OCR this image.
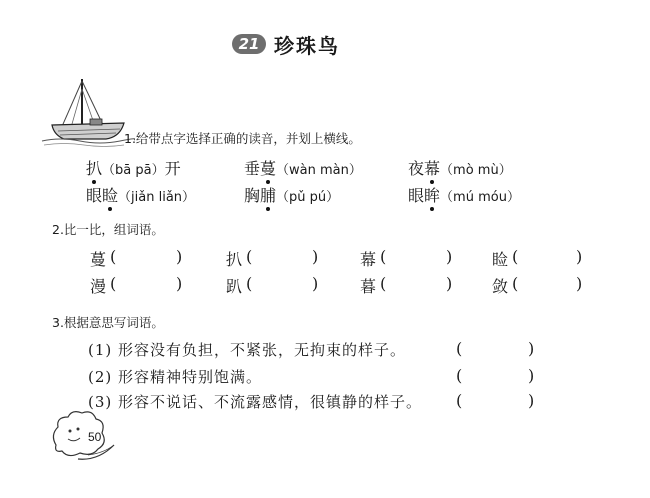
21 珍珠鸟
1.给带点字选择正确的读音，并划上横线。
扒（bā pā）开	垂蔓（wàn màn）	夜幕（mò mù）
眼睑（jiǎn liǎn）	胸脯（pǔ pú）	眼眸（mú móu）
2.比一比，组词语。
蔓 (	)	扒 (	)	幕 (	) 睑 (	)
漫 (	)	趴 (	)	暮 (	) 敛 (	)
3.根据意思写词语。
(1) 形容没有负担，不紧张，无拘束的样子。	(	)
(2) 形容精神特别饱满。	(	)
(3) 形容不说话、不流露感情，很镇静的样子。 (	)
50
